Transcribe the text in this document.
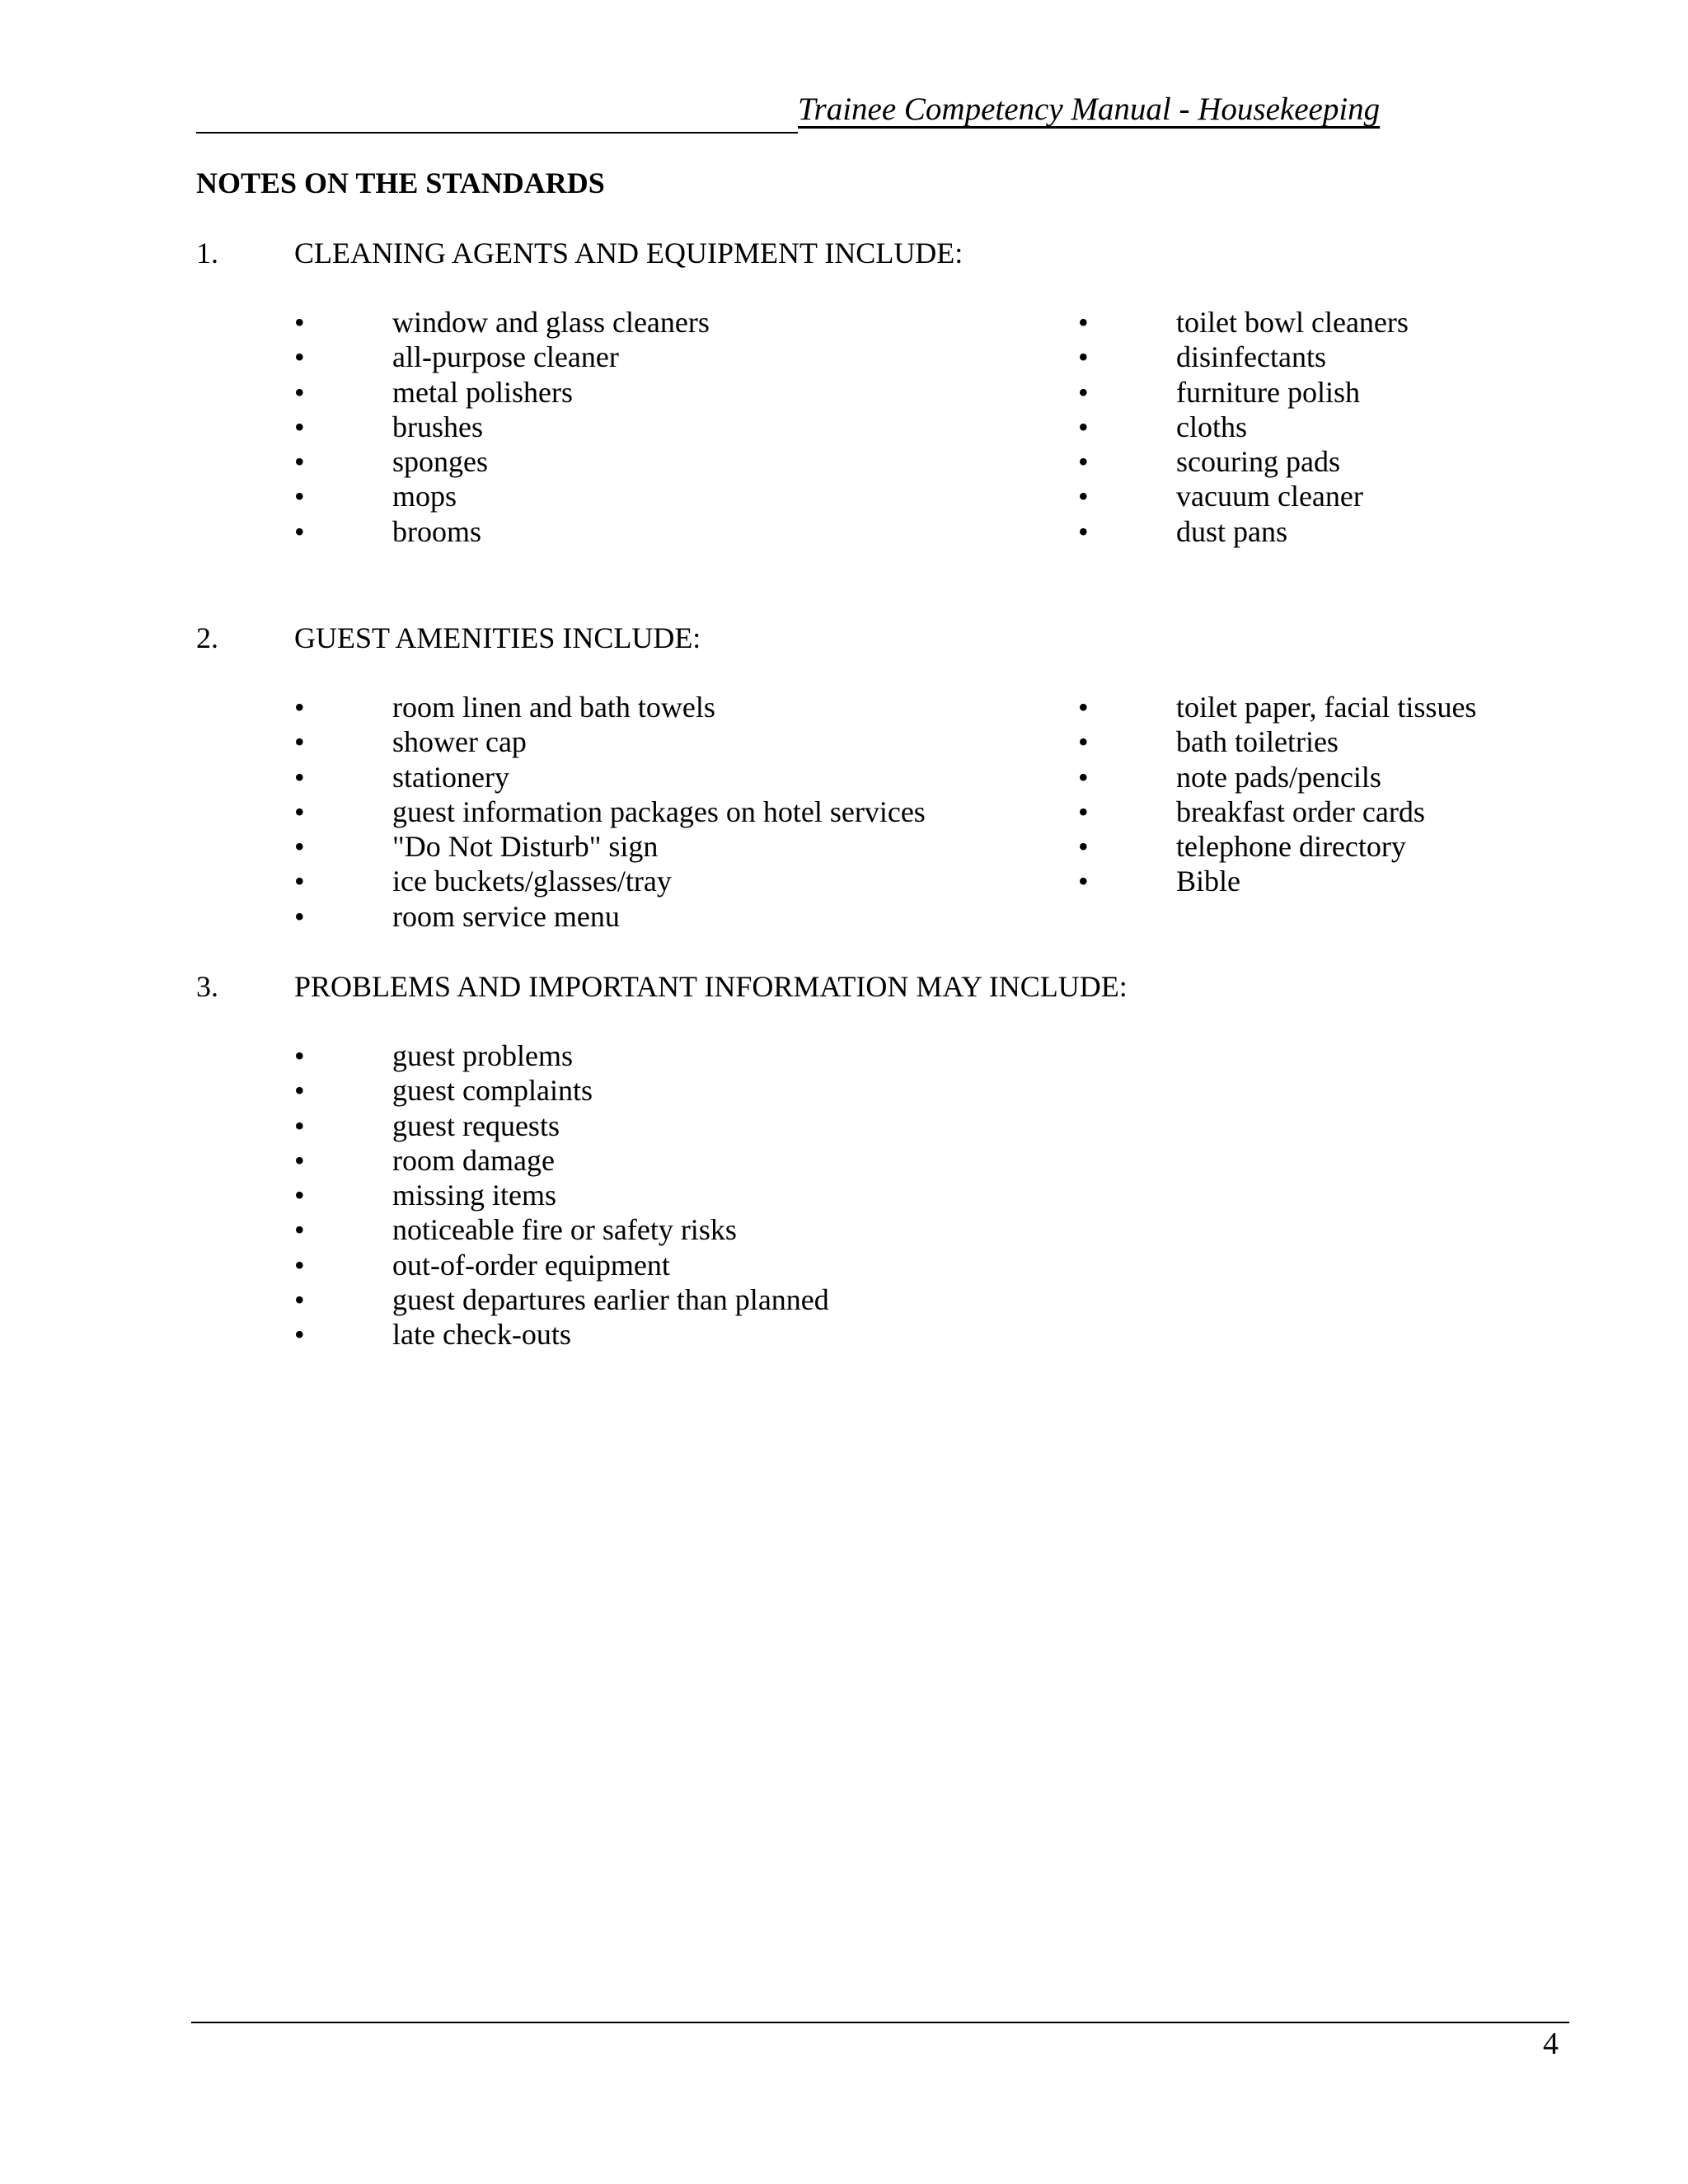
Trainee Competency Manual - Housekeeping
NOTES ON THE STANDARDS
1.	CLEANING AGENTS AND EQUIPMENT INCLUDE:
•	window and glass cleaners
•	all-purpose cleaner
•	metal polishers
•	brushes
•	sponges
•	mops
•	brooms
•	toilet bowl cleaners
•	disinfectants
•	furniture polish
•	cloths
•	scouring pads
•	vacuum cleaner
•	dust pans
2.	GUEST AMENITIES INCLUDE:
•	room linen and bath towels
•	shower cap
•	stationery
•	guest information packages on hotel services
•	"Do Not Disturb" sign
•	ice buckets/glasses/tray
•	room service menu
•	toilet paper, facial tissues
•	bath toiletries
•	note pads/pencils
•	breakfast order cards
•	telephone directory
•	Bible
3.	PROBLEMS AND IMPORTANT INFORMATION MAY INCLUDE:
•	guest problems
•	guest complaints
•	guest requests
•	room damage
•	missing items
•	noticeable fire or safety risks
•	out-of-order equipment
•	guest departures earlier than planned
•	late check-outs
4
